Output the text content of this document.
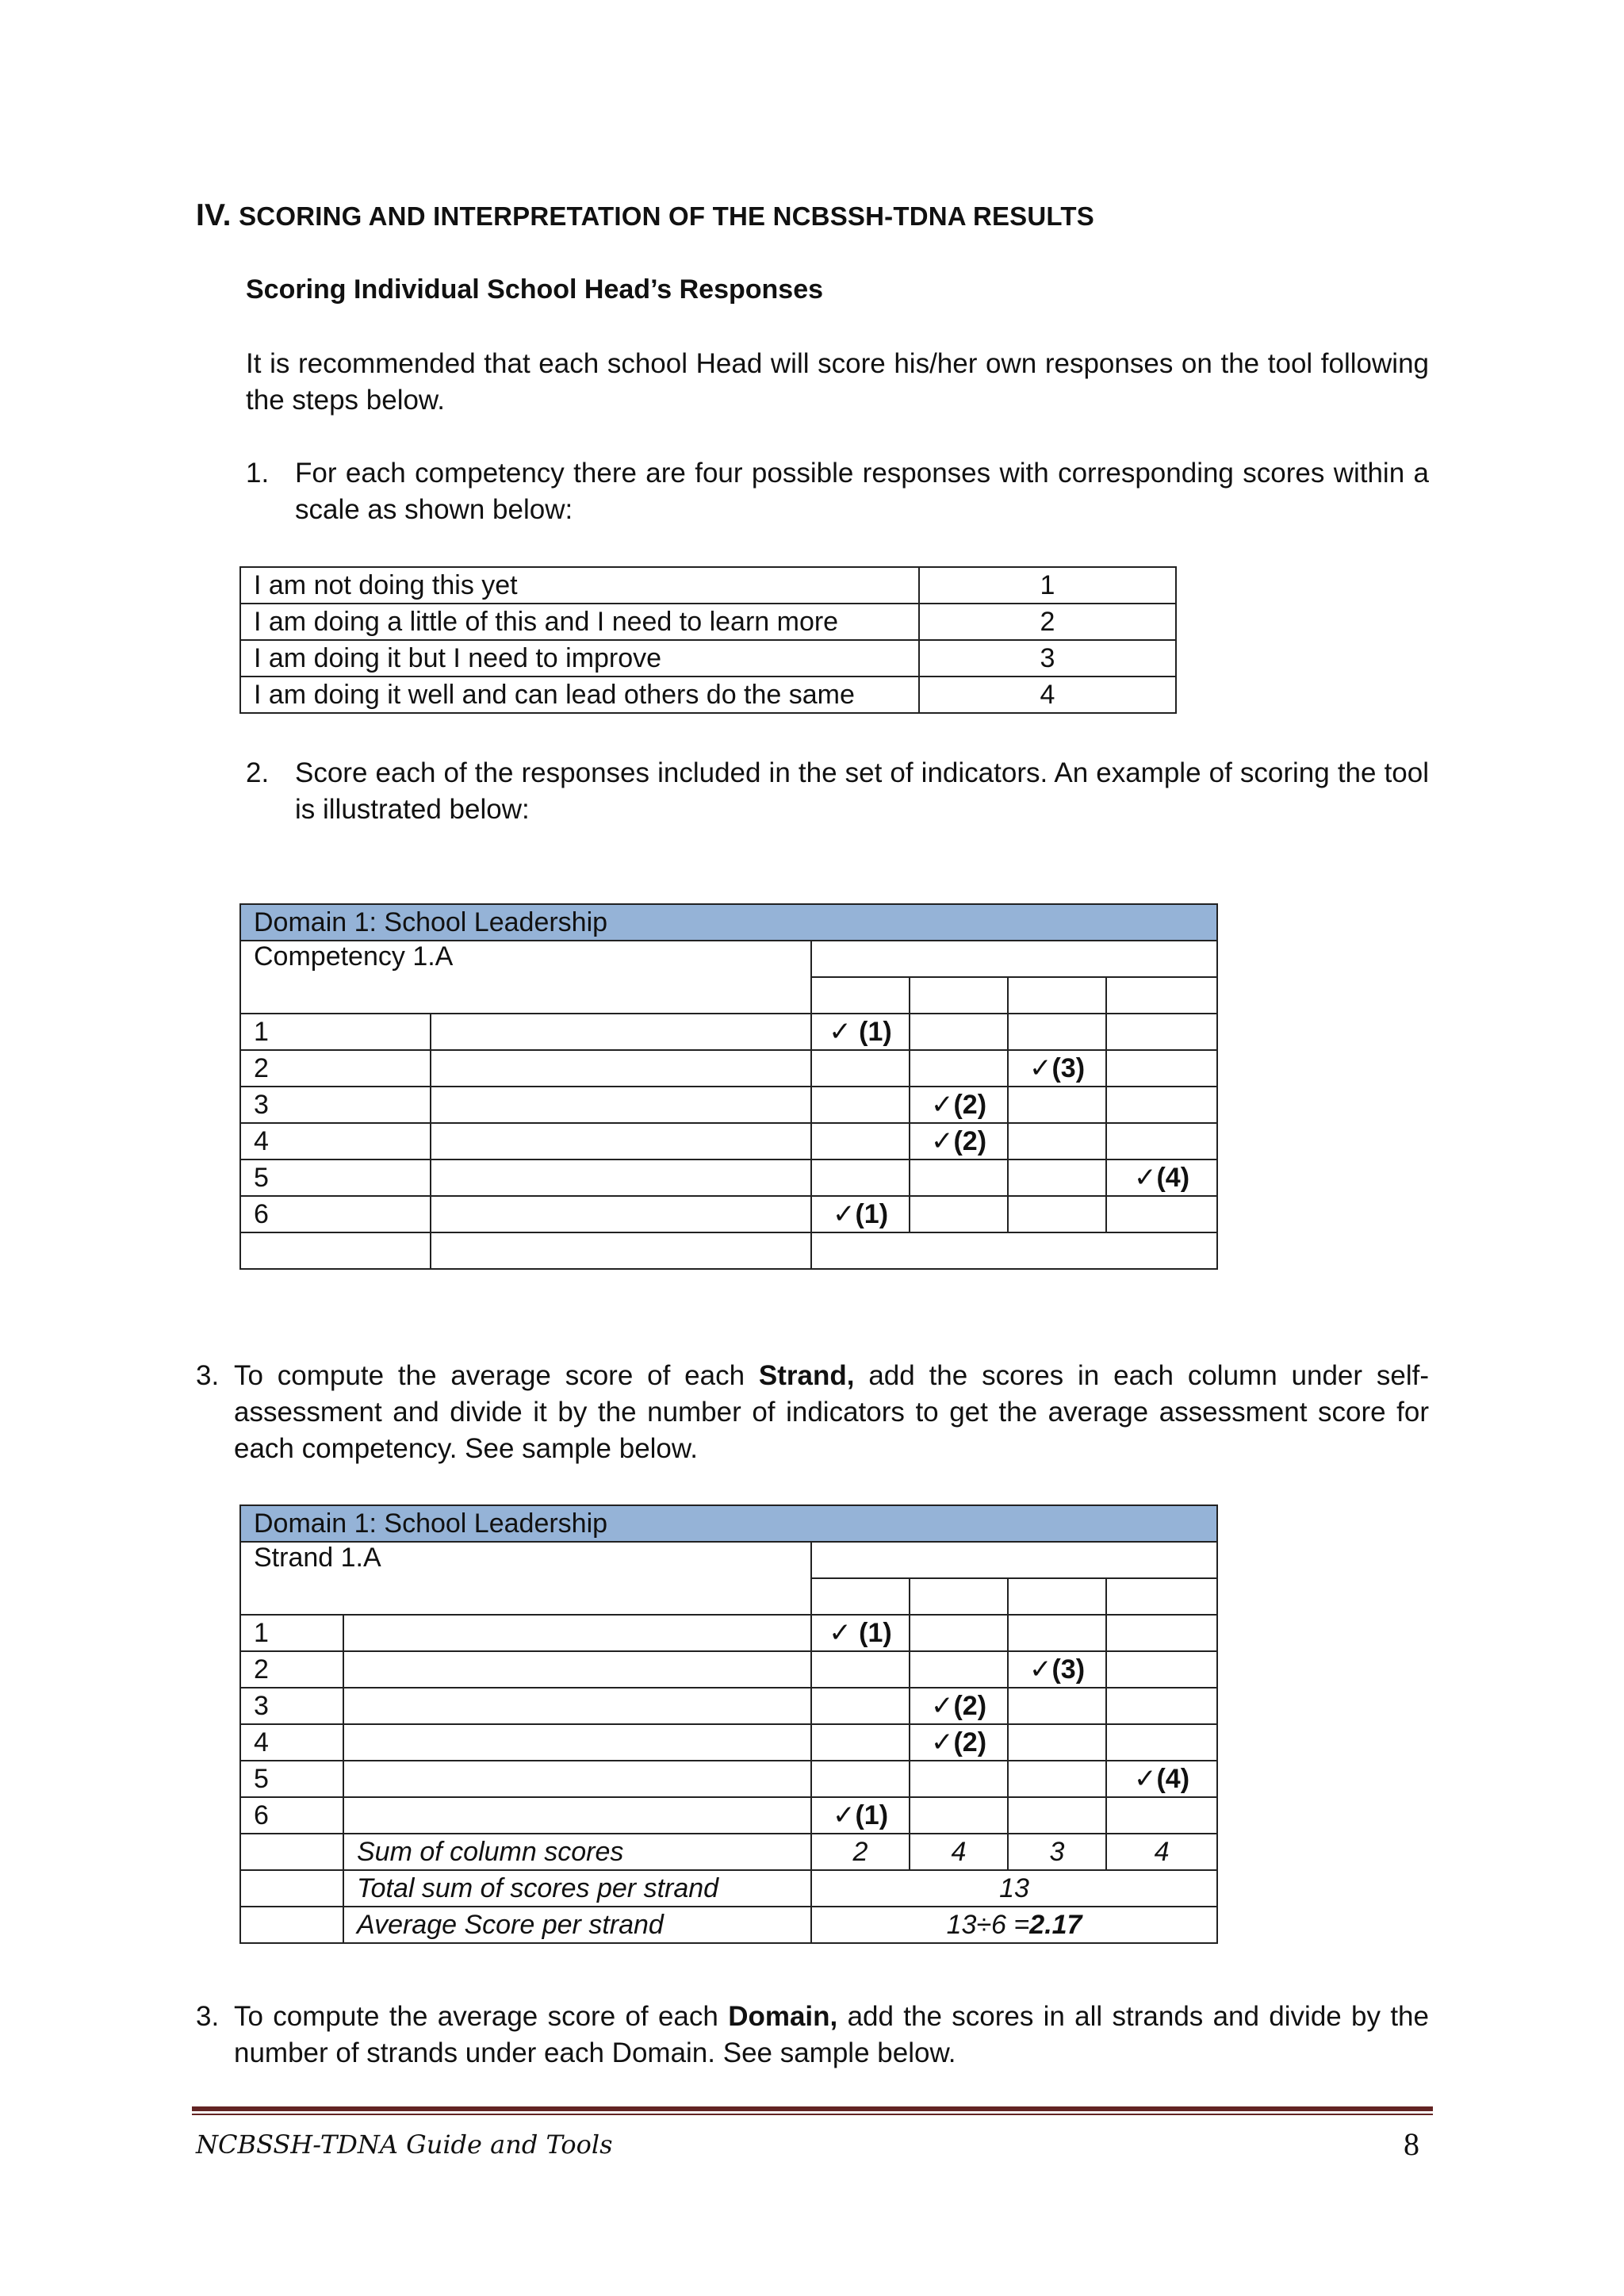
IV. SCORING AND INTERPRETATION OF THE NCBSSH-TDNA RESULTS
Scoring Individual School Head’s Responses
It is recommended that each school Head will score his/her own responses on the tool following the steps below.
1. For each competency there are four possible responses with corresponding scores within a scale as shown below:
I am not doing this yet	1
I am doing a little of this and I need to learn more	2
I am doing it but I need to improve	3
I am doing it well and can lead others do the same	4
2. Score each of the responses included in the set of indicators. An example of scoring the tool is illustrated below:
Domain 1: School Leadership					
Competency 1.A					

1		✓ (1)			
2				✓(3)	
3			✓(2)		
4			✓(2)		
5					✓(4)
6		✓(1)			

3. To compute the average score of each Strand, add the scores in each column under self-assessment and divide it by the number of indicators to get the average assessment score for each competency. See sample below.
Domain 1: School Leadership					
Strand 1.A					

1		✓ (1)			
2				✓(3)	
3			✓(2)		
4			✓(2)		
5					✓(4)
6		✓(1)			
	Sum of column scores	2	4	3	4
	Total sum of scores per strand	13			
	Average Score per strand	13÷6 =2.17			
3. To compute the average score of each Domain, add the scores in all strands and divide by the number of strands under each Domain. See sample below.
NCBSSH-TDNA Guide and Tools	8
